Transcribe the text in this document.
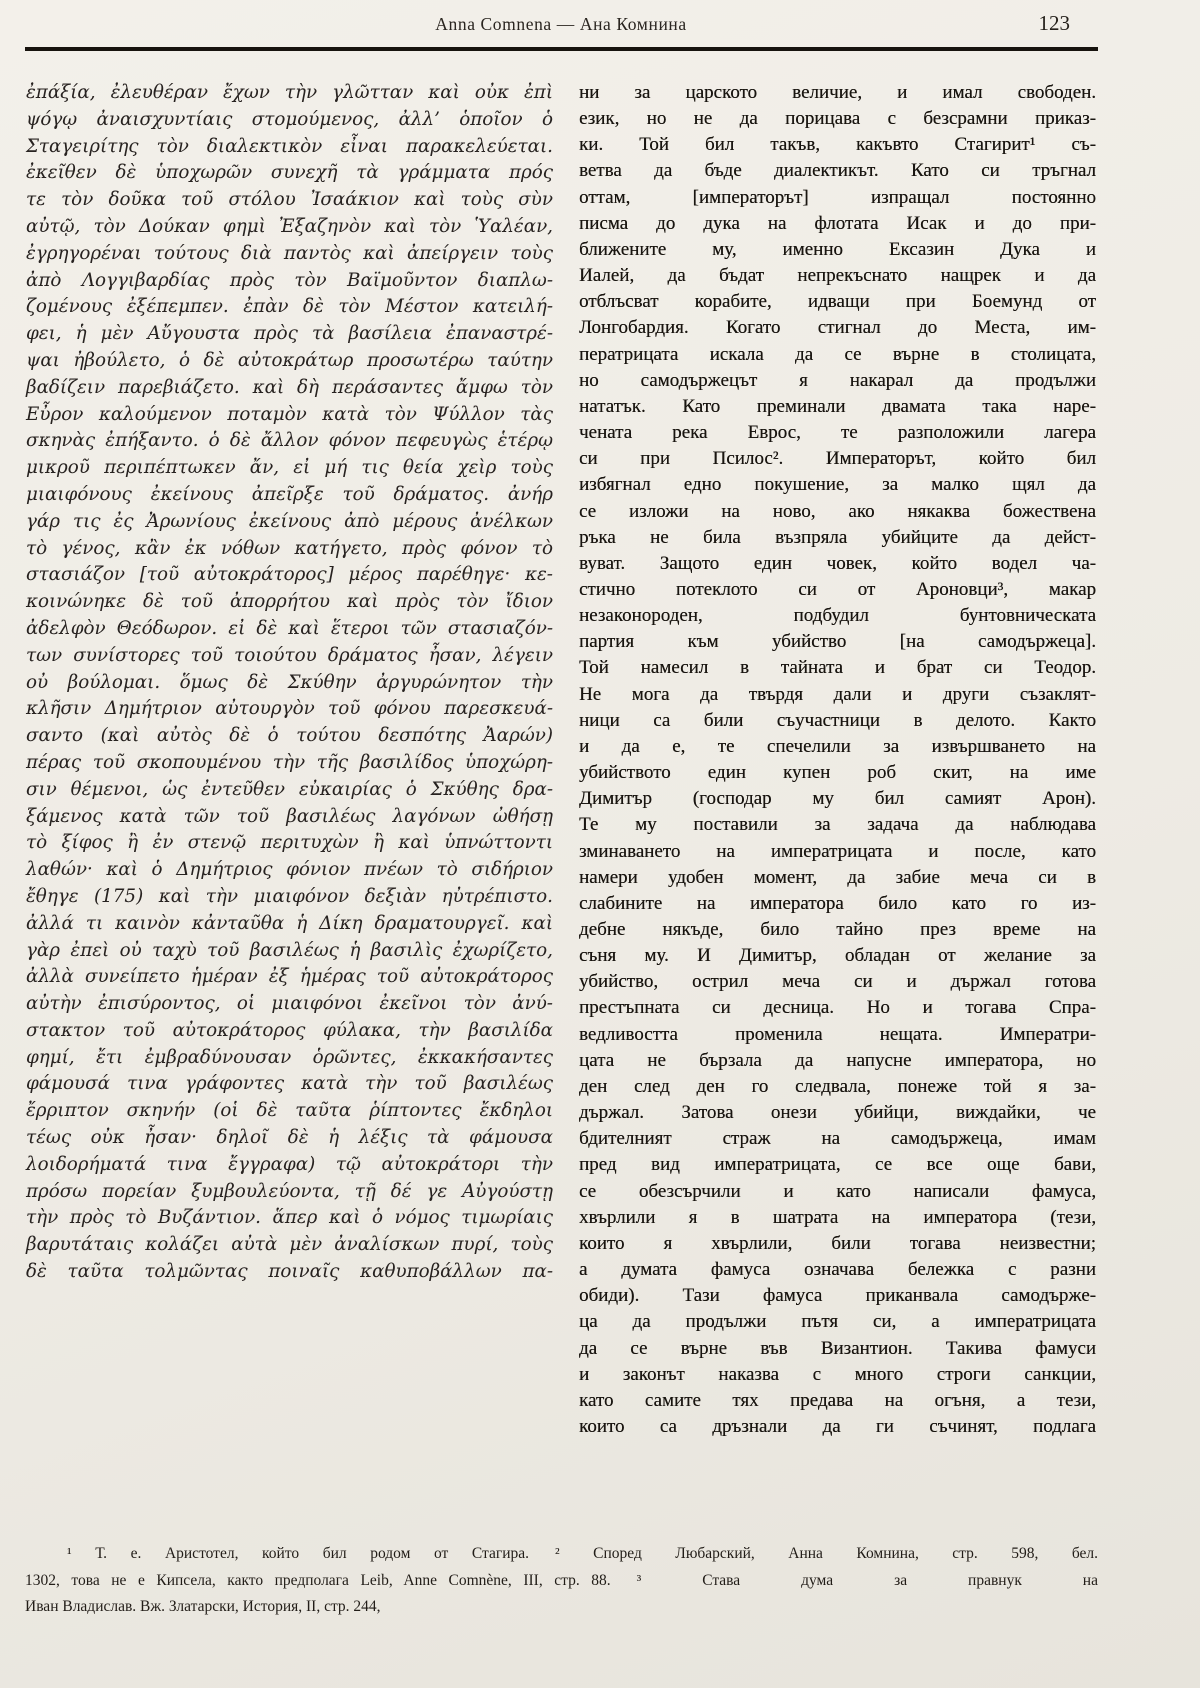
Anna Comnena — Ана Комнина	123
ἐπάξία, ἐλευθέραν ἔχων τὴν γλῶτταν καὶ οὐκ ἐπὶ
ψόγῳ ἀναισχυντίαις στομούμενος, ἀλλ’ ὁποῖον ὁ
Σταγειρίτης τὸν διαλεκτικὸν εἶναι παρακελεύεται.
ἐκεῖθεν δὲ ὑποχωρῶν συνεχῆ τὰ γράμματα πρός
τε τὸν δοῦκα τοῦ στόλου Ἰσαάκιον καὶ τοὺς σὺν
αὐτῷ, τὸν Δούκαν φημὶ Ἐξαζηνὸν καὶ τὸν Ὑαλέαν,
ἐγρηγορέναι τούτους διὰ παντὸς καὶ ἀπείργειν τοὺς
ἀπὸ Λογγιβαρδίας πρὸς τὸν Βαϊμοῦντον διαπλω-
ζομένους ἐξέπεμπεν. ἐπὰν δὲ τὸν Μέστον κατειλή-
φει, ἡ μὲν Αὔγουστα πρὸς τὰ βασίλεια ἐπαναστρέ-
ψαι ἠβούλετο, ὁ δὲ αὐτοκράτωρ προσωτέρω ταύτην
βαδίζειν παρεβιάζετο. καὶ δὴ περάσαντες ἄμφω τὸν
Εὖρον καλούμενον ποταμὸν κατὰ τὸν Ψύλλον τὰς
σκηνὰς ἐπήξαντο. ὁ δὲ ἄλλον φόνον πεφευγὼς ἑτέρῳ
μικροῦ περιπέπτωκεν ἄν, εἰ μή τις θεία χεὶρ τοὺς
μιαιφόνους ἐκείνους ἀπεῖρξε τοῦ δράματος. ἀνήρ
γάρ τις ἐς Ἀρωνίους ἐκείνους ἀπὸ μέρους ἀνέλκων
τὸ γένος, κἂν ἐκ νόθων κατήγετο, πρὸς φόνον τὸ
στασιάζον [τοῦ αὐτοκράτορος] μέρος παρέθηγε· κε-
κοινώνηκε δὲ τοῦ ἀπορρήτου καὶ πρὸς τὸν ἴδιον
ἀδελφὸν Θεόδωρον. εἰ δὲ καὶ ἕτεροι τῶν στασιαζόν-
των συνίστορες τοῦ τοιούτου δράματος ἦσαν, λέγειν
οὐ βούλομαι. ὅμως δὲ Σκύθην ἀργυρώνητον τὴν
κλῆσιν Δημήτριον αὐτουργὸν τοῦ φόνου παρεσκευά-
σαντο (καὶ αὐτὸς δὲ ὁ τούτου δεσπότης Ἀαρών)
πέρας τοῦ σκοπουμένου τὴν τῆς βασιλίδος ὑποχώρη-
σιν θέμενοι, ὡς ἐντεῦθεν εὐκαιρίας ὁ Σκύθης δρα-
ξάμενος κατὰ τῶν τοῦ βασιλέως λαγόνων ὠθήσῃ
τὸ ξίφος ἢ ἐν στενῷ περιτυχὼν ἢ καὶ ὑπνώττοντι
λαθών· καὶ ὁ Δημήτριος φόνιον πνέων τὸ σιδήριον
ἔθηγε (175) καὶ τὴν μιαιφόνον δεξιὰν ηὐτρέπιστο.
ἀλλά τι καινὸν κἀνταῦθα ἡ Δίκη δραματουργεῖ. καὶ
γὰρ ἐπεὶ οὐ ταχὺ τοῦ βασιλέως ἡ βασιλὶς ἐχωρίζετο,
ἀλλὰ συνείπετο ἡμέραν ἐξ ἡμέρας τοῦ αὐτοκράτορος
αὐτὴν ἐπισύροντος, οἱ μιαιφόνοι ἐκεῖνοι τὸν ἀνύ-
στακτον τοῦ αὐτοκράτορος φύλακα, τὴν βασιλίδα
φημί, ἔτι ἐμβραδύνουσαν ὁρῶντες, ἐκκακήσαντες
φάμουσά τινα γράφοντες κατὰ τὴν τοῦ βασιλέως
ἔρριπτον σκηνήν (οἱ δὲ ταῦτα ῥίπτοντες ἔκδηλοι
τέως οὐκ ἦσαν· δηλοῖ δὲ ἡ λέξις τὰ φάμουσα
λοιδορήματά τινα ἔγγραφα) τῷ αὐτοκράτορι τὴν
πρόσω πορείαν ξυμβουλεύοντα, τῇ δέ γε Αὐγούστῃ
τὴν πρὸς τὸ Βυζάντιον. ἅπερ καὶ ὁ νόμος τιμωρίαις
βαρυτάταις κολάζει αὐτὰ μὲν ἀναλίσκων πυρί, τοὺς
δὲ ταῦτα τολμῶντας ποιναῖς καθυποβάλλων πα-
ни за царското величие, и имал свободен.
език, но не да порицава с безсрамни приказ-
ки. Той бил такъв, какъвто Стагирит¹ съ-
ветва да бъде диалектикът. Като си тръгнал
оттам, [императорът] изпращал постоянно
писма до дука на флотата Исак и до при-
ближените му, именно Ексазин Дука и
Иалей, да бъдат непрекъснато нащрек и да
отблъсват корабите, идващи при Боемунд от
Лонгобардия. Когато стигнал до Места, им-
ператрицата искала да се върне в столицата,
но самодържецът я накарал да продължи
нататък. Като преминали двамата така наре-
чената река Еврос, те разположили лагера
си при Псилос². Императорът, който бил
избягнал едно покушение, за малко щял да
се изложи на ново, ако някаква божествена
ръка не била възпряла убийците да дейст-
вуват. Защото един човек, който водел ча-
стично потеклото си от Ароновци³, макар
незаконороден, подбудил бунтовническата
партия към убийство [на самодържеца].
Той намесил в тайната и брат си Теодор.
Не мога да твърдя дали и други съзаклят-
ници са били съучастници в делото. Както
и да е, те спечелили за извършването на
убийството един купен роб скит, на име
Димитър (господар му бил самият Арон).
Те му поставили за задача да наблюдава
зминаването на императрицата и после, като
намери удобен момент, да забие меча си в
слабините на императора било като го из-
дебне някъде, било тайно през време на
съня му. И Димитър, обладан от желание за
убийство, острил меча си и държал готова
престъпната си десница. Но и тогава Спра-
ведливостта променила нещата. Императри-
цата не бързала да напусне императора, но
ден след ден го следвала, понеже той я за-
държал. Затова онези убийци, виждайки, че
бдителният страж на самодържеца, имам
пред вид императрицата, се все още бави,
се обезсърчили и като написали фамуса,
хвърлили я в шатрата на императора (тези,
които я хвърлили, били тогава неизвестни;
а думата фамуса означава бележка с разни
обиди). Тази фамуса приканвала самодърже-
ца да продължи пътя си, а императрицата
да се върне във Византион. Такива фамуси
и законът наказва с много строги санкции,
като самите тях предава на огъня, а тези,
които са дръзнали да ги съчинят, подлага
¹ Т. е. Аристотел, който бил родом от Стагира.	² Според Любарский, Анна Комнина, стр. 598, бел.
1302, това не е Кипсела, както предполага Leib, Anne Comnène, III, стр. 88.	³ Става дума за правнук на
Иван Владислав. Вж. Златарски, История, II, стр. 244,
